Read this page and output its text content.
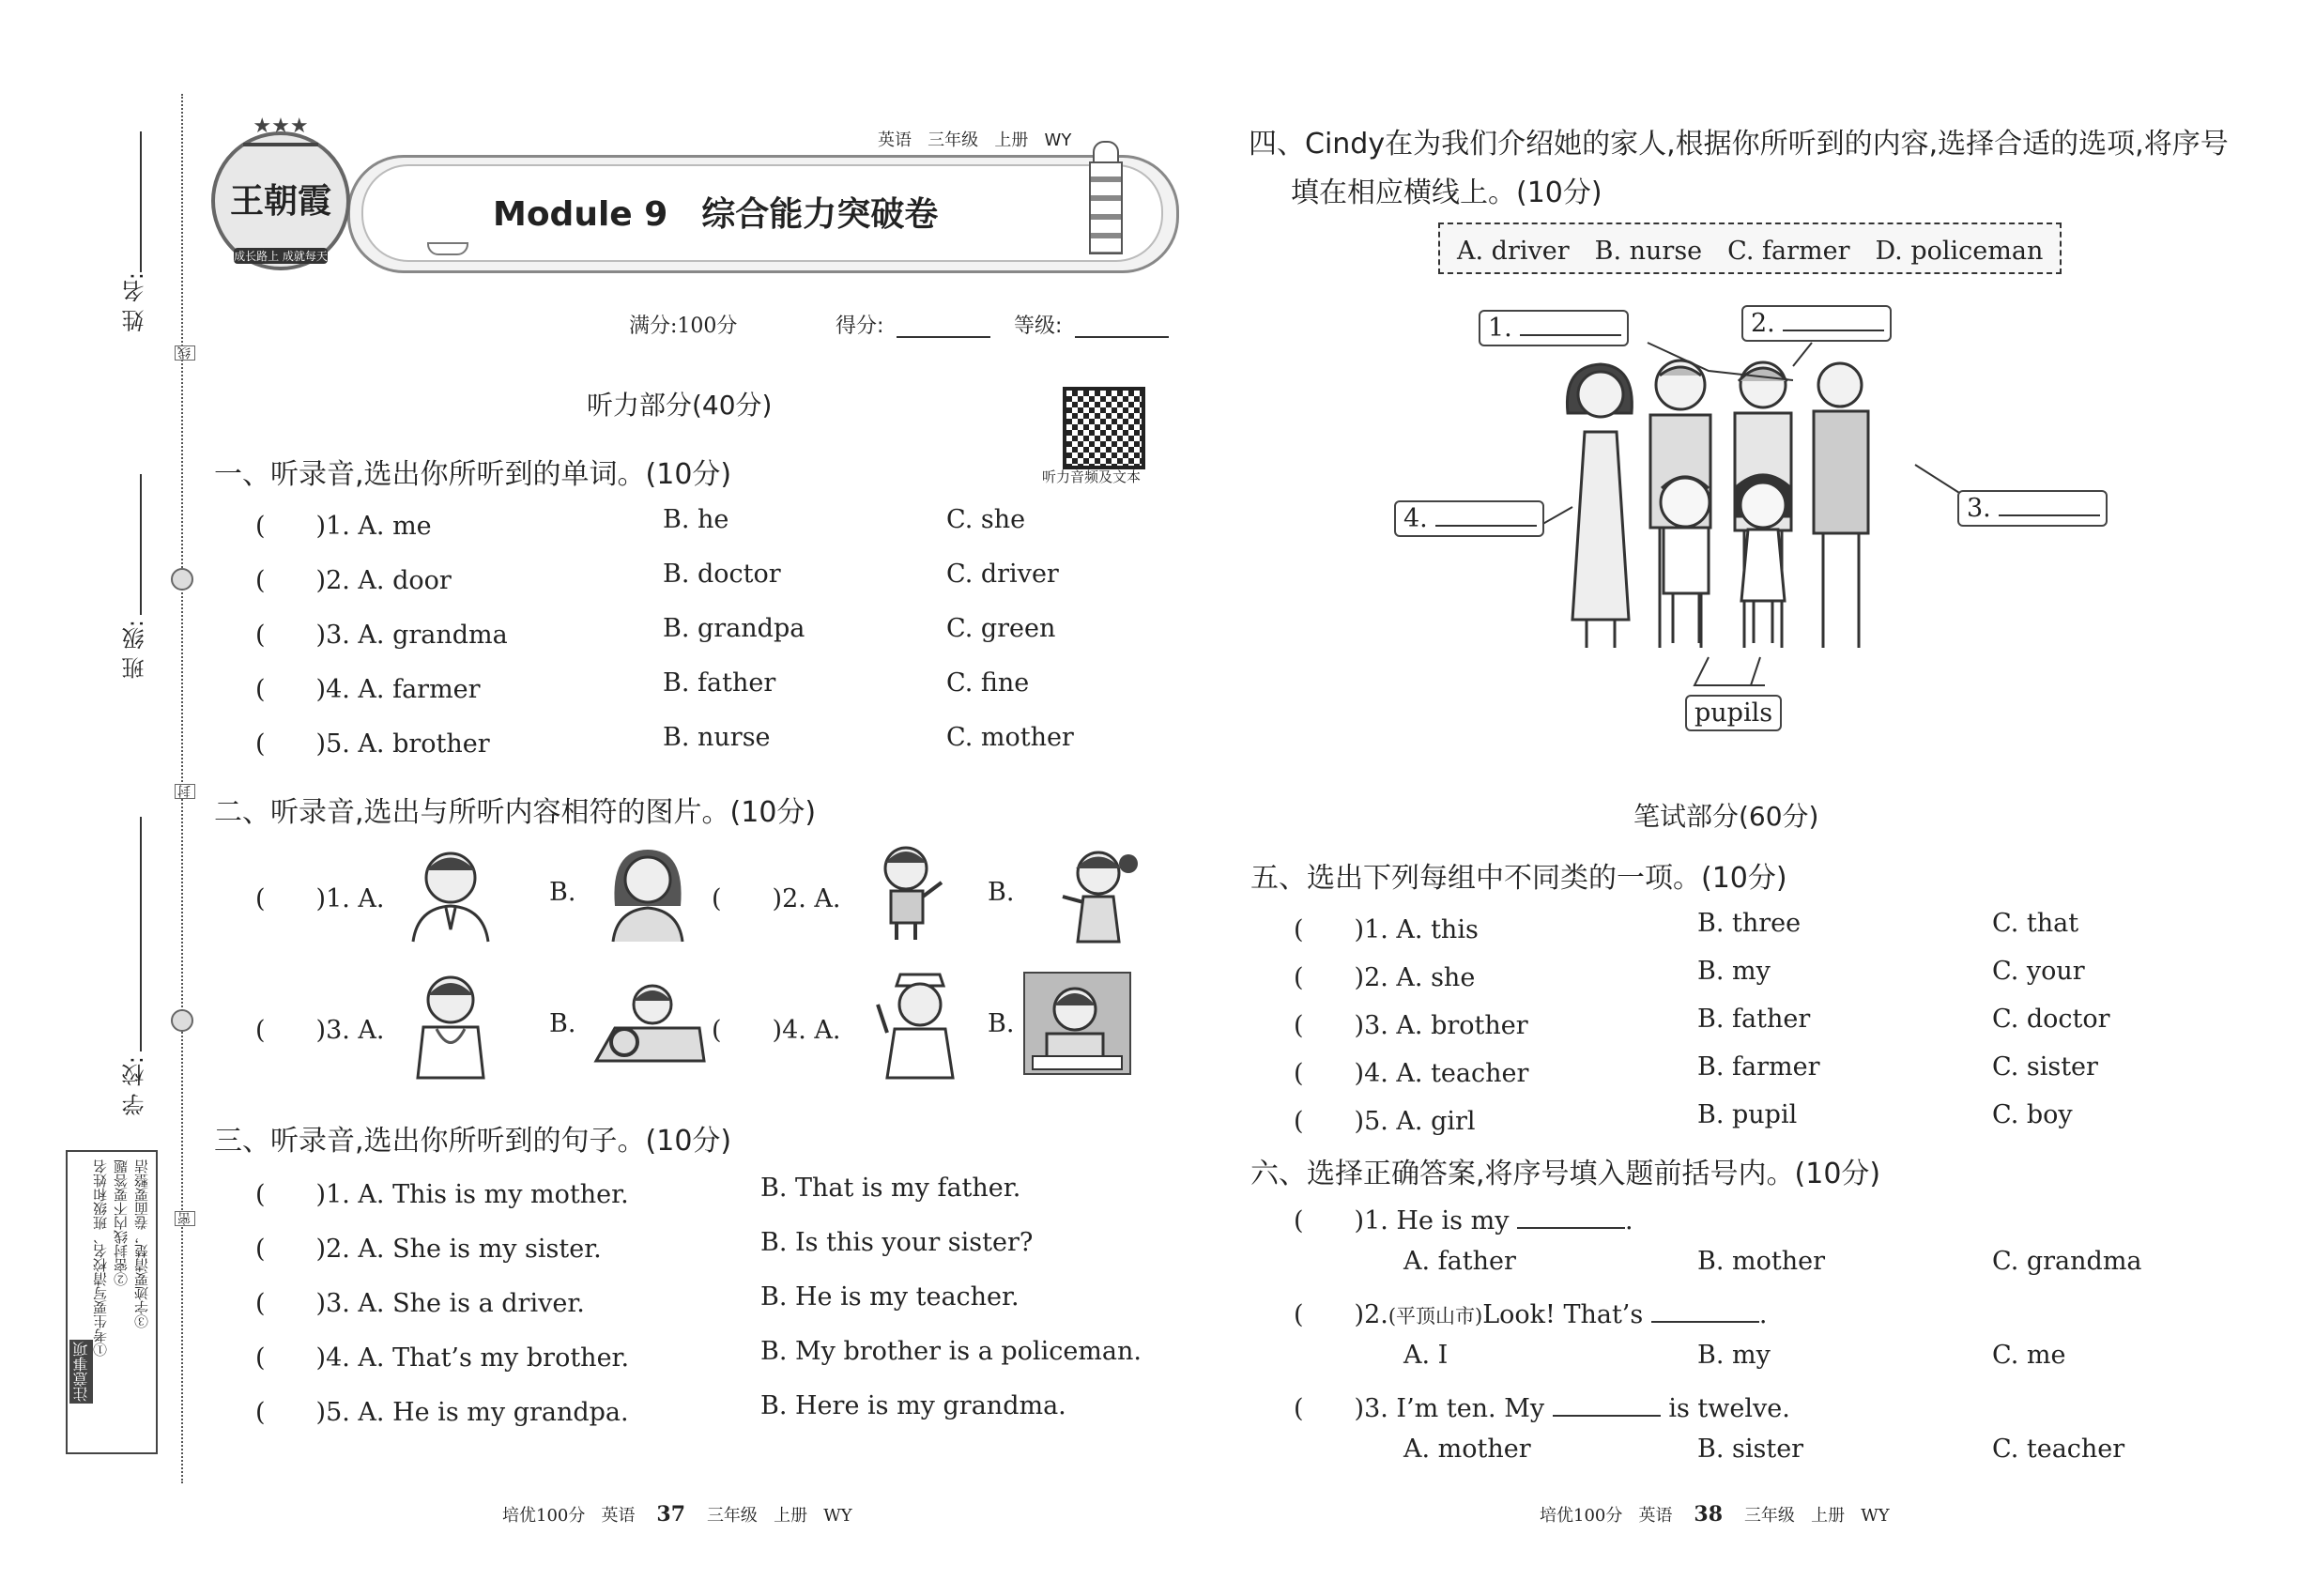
姓 名:
班 级:
学 校:
线
封
密
注意事项
①考生要写清校名、班级和姓名 ②密封线内不要答题 ③字迹要清楚，卷面要整洁
★★★
王朝霞
成长路上 成就每天
英语 三年级 上册 WY
Module 9　综合能力突破卷
满分:100分	得分:	等级:
听力部分(40分)
听力音频及文本
一、听录音,选出你所听到的单词。(10分)
(　　)1. A. me	B. he	C. she
(　　)2. A. door	B. doctor	C. driver
(　　)3. A. grandma	B. grandpa	C. green
(　　)4. A. farmer	B. father	C. fine
(　　)5. A. brother	B. nurse	C. mother
二、听录音,选出与所听内容相符的图片。(10分)
(　　)1. A.	B.	(　　)2. A.	B.
(　　)3. A.	B.	(　　)4. A.	B.
三、听录音,选出你所听到的句子。(10分)
(　　)1. A. This is my mother.	B. That is my father.
(　　)2. A. She is my sister.	B. Is this your sister?
(　　)3. A. She is a driver.	B. He is my teacher.
(　　)4. A. That’s my brother.	B. My brother is a policeman.
(　　)5. A. He is my grandpa.	B. Here is my grandma.
培优100分 英语 37 三年级 上册 WY
四、Cindy在为我们介绍她的家人,根据你所听到的内容,选择合适的选项,将序号
填在相应横线上。(10分)
A. driver　B. nurse　C. farmer　D. policeman
1.	2.
3.
4.
pupils
笔试部分(60分)
五、选出下列每组中不同类的一项。(10分)
(　　)1. A. this	B. three	C. that
(　　)2. A. she	B. my	C. your
(　　)3. A. brother	B. father	C. doctor
(　　)4. A. teacher	B. farmer	C. sister
(　　)5. A. girl	B. pupil	C. boy
六、选择正确答案,将序号填入题前括号内。(10分)
(　　)1. He is my	.
A. father	B. mother	C. grandma
(　　)2.(平顶山市)Look! That’s	.
A. I	B. my	C. me
(　　)3. I’m ten. My	is twelve.
A. mother	B. sister	C. teacher
培优100分 英语 38 三年级 上册 WY
